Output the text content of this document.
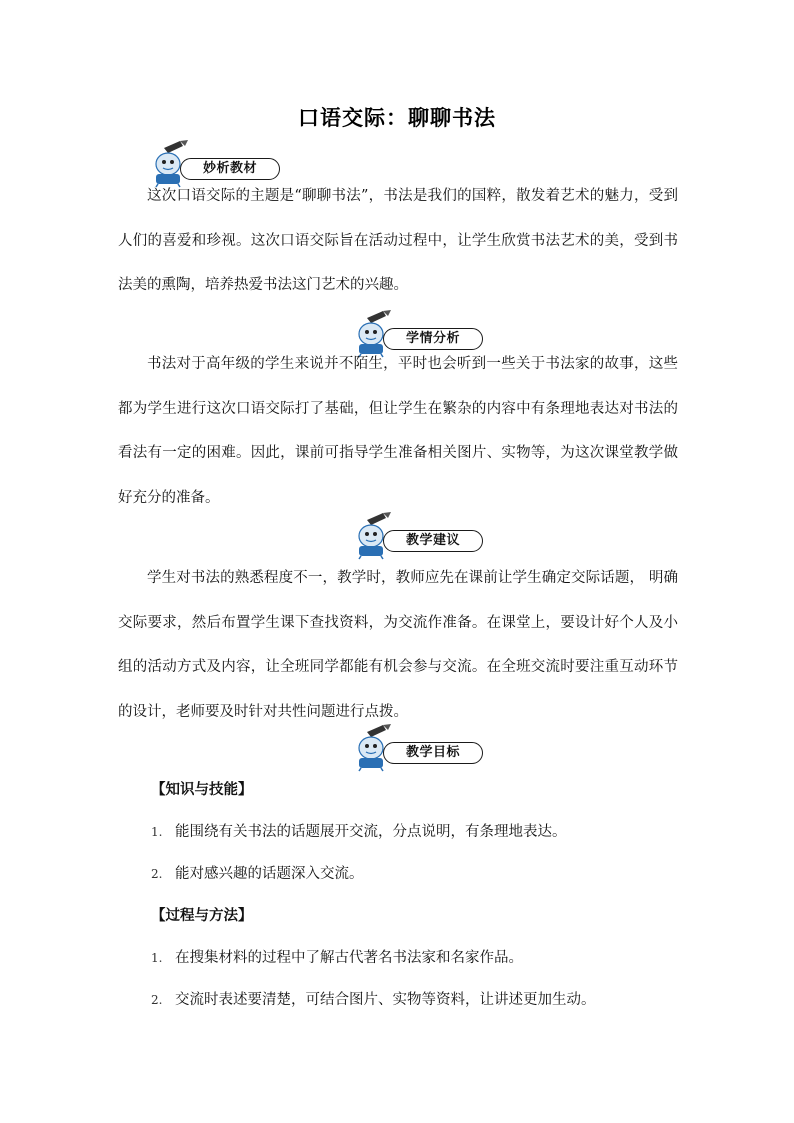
口语交际：聊聊书法
妙析教材

这次口语交际的主题是“聊聊书法”，书法是我们的国粹，散发着艺术的魅力，受到人们的喜爱和珍视。这次口语交际旨在活动过程中，让学生欣赏书法艺术的美，受到书法美的熏陶，培养热爱书法这门艺术的兴趣。

学情分析

书法对于高年级的学生来说并不陌生，平时也会听到一些关于书法家的故事，这些都为学生进行这次口语交际打了基础，但让学生在繁杂的内容中有条理地表达对书法的看法有一定的困难。因此，课前可指导学生准备相关图片、实物等，为这次课堂教学做好充分的准备。

教学建议

学生对书法的熟悉程度不一，教学时，教师应先在课前让学生确定交际话题， 明确交际要求，然后布置学生课下查找资料，为交流作准备。在课堂上，要设计好个人及小组的活动方式及内容，让全班同学都能有机会参与交流。在全班交流时要注重互动环节的设计，老师要及时针对共性问题进行点拨。

教学目标
【知识与技能】
1. 能围绕有关书法的话题展开交流，分点说明，有条理地表达。
2. 能对感兴趣的话题深入交流。
【过程与方法】
1. 在搜集材料的过程中了解古代著名书法家和名家作品。
2. 交流时表述要清楚，可结合图片、实物等资料，让讲述更加生动。
